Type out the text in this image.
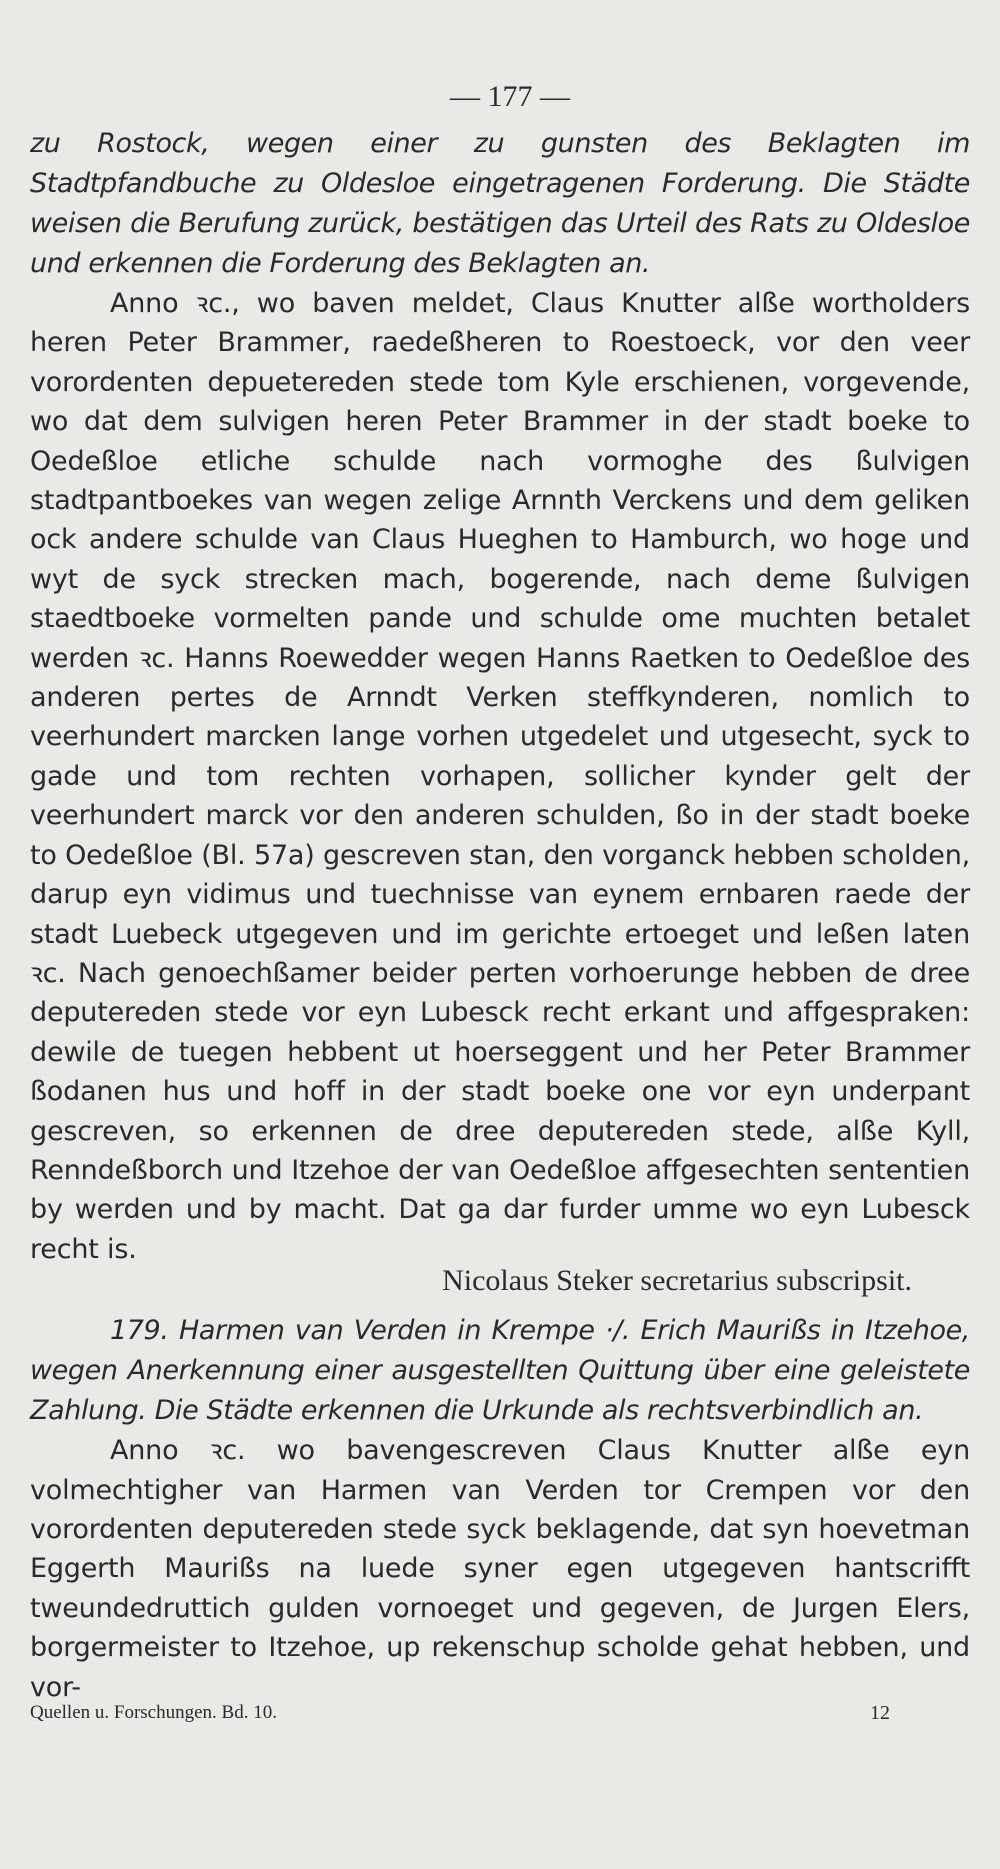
— 177 —

zu Rostock, wegen einer zu gunsten des Beklagten im Stadtpfandbuche zu Oldesloe eingetragenen Forderung. Die Städte weisen die Berufung zurück, bestätigen das Urteil des Rats zu Oldesloe und erkennen die Forderung des Beklagten an.

Anno ꝛc., wo baven meldet, Claus Knutter alße wortholders heren Peter Brammer, raedeßheren to Roestoeck, vor den veer vorordenten depuetereden stede tom Kyle erschienen, vorgevende, wo dat dem sulvigen heren Peter Brammer in der stadt boeke to Oedeßloe etliche schulde nach vormoghe des ßulvigen stadtpantboekes van wegen zelige Arnnth Verckens und dem geliken ock andere schulde van Claus Hueghen to Hamburch, wo hoge und wyt de syck strecken mach, bogerende, nach deme ßulvigen staedtboeke vormelten pande und schulde ome muchten betalet werden ꝛc. Hanns Roewedder wegen Hanns Raetken to Oedeßloe des anderen pertes de Arnndt Verken steffkynderen, nomlich to veerhundert marcken lange vorhen utgedelet und utgesecht, syck to gade und tom rechten vorhapen, sollicher kynder gelt der veerhundert marck vor den anderen schulden, ßo in der stadt boeke to Oedeßloe (Bl. 57a) gescreven stan, den vorganck hebben scholden, darup eyn vidimus und tuechnisse van eynem ernbaren raede der stadt Luebeck utgegeven und im gerichte ertoeget und leßen laten ꝛc. Nach genoechßamer beider perten vorhoerunge hebben de dree deputereden stede vor eyn Lubesck recht erkant und affgespraken: dewile de tuegen hebbent ut hoerseggent und her Peter Brammer ßodanen hus und hoff in der stadt boeke one vor eyn underpant gescreven, so erkennen de dree deputereden stede, alße Kyll, Renndeßborch und Itzehoe der van Oedeßloe affgesechten sententien by werden und by macht. Dat ga dar furder umme wo eyn Lubesck recht is.

Nicolaus Steker secretarius subscripsit.

179. Harmen van Verden in Krempe ·/. Erich Maurißs in Itzehoe, wegen Anerkennung einer ausgestellten Quittung über eine geleistete Zahlung. Die Städte erkennen die Urkunde als rechtsverbindlich an.

Anno ꝛc. wo bavengescreven Claus Knutter alße eyn volmechtigher van Harmen van Verden tor Crempen vor den vorordenten deputereden stede syck beklagende, dat syn hoevetman Eggerth Maurißs na luede syner egen utgegeven hantscrifft tweundedruttich gulden vornoeget und gegeven, de Jurgen Elers, borgermeister to Itzehoe, up rekenschup scholde gehat hebben, und vor-

Quellen u. Forschungen. Bd. 10.	12
